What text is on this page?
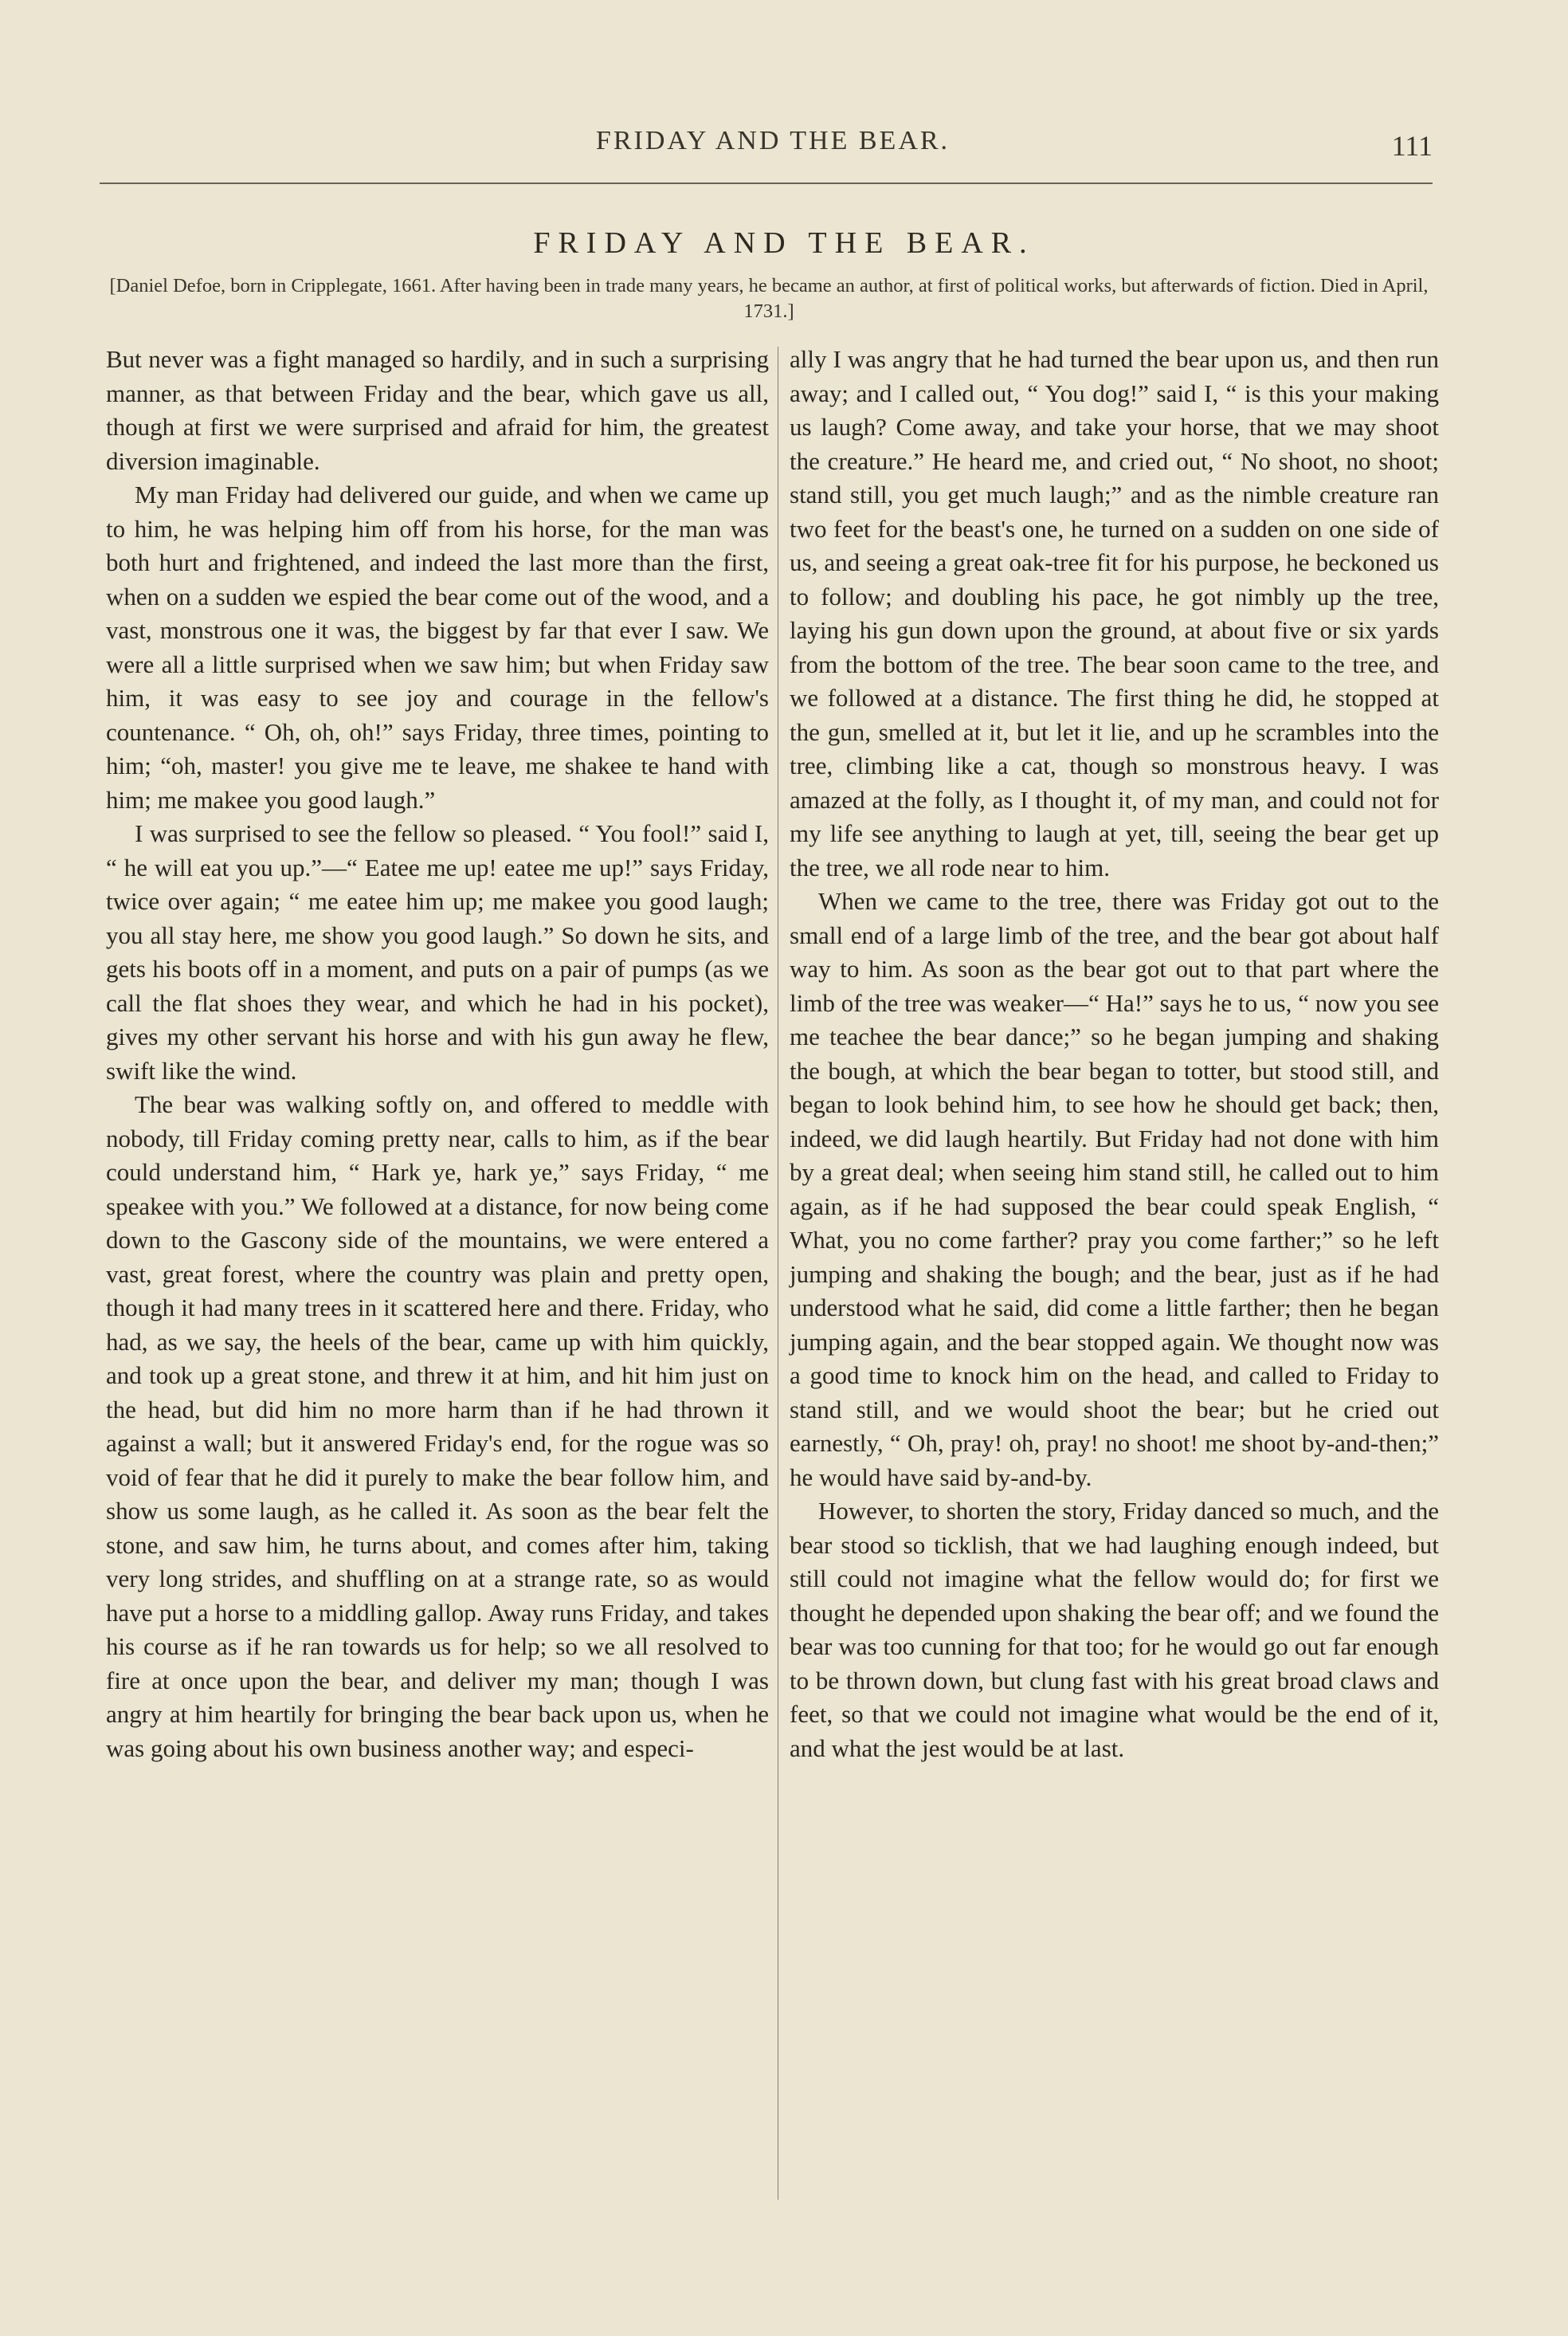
FRIDAY AND THE BEAR.	111
FRIDAY AND THE BEAR.
[Daniel Defoe, born in Cripplegate, 1661. After having been in trade many years, he became an author, at first of political works, but afterwards of fiction. Died in April, 1731.]

But never was a fight managed so hardily, and in such a surprising manner, as that between Friday and the bear, which gave us all, though at first we were surprised and afraid for him, the greatest diversion imaginable.

My man Friday had delivered our guide, and when we came up to him, he was helping him off from his horse, for the man was both hurt and frightened, and indeed the last more than the first, when on a sudden we espied the bear come out of the wood, and a vast, monstrous one it was, the biggest by far that ever I saw. We were all a little surprised when we saw him; but when Friday saw him, it was easy to see joy and courage in the fellow's countenance. “ Oh, oh, oh!” says Friday, three times, pointing to him; “oh, master! you give me te leave, me shakee te hand with him; me makee you good laugh.”

I was surprised to see the fellow so pleased. “ You fool!” said I, “ he will eat you up.”—“ Eatee me up! eatee me up!” says Friday, twice over again; “ me eatee him up; me makee you good laugh; you all stay here, me show you good laugh.” So down he sits, and gets his boots off in a moment, and puts on a pair of pumps (as we call the flat shoes they wear, and which he had in his pocket), gives my other servant his horse and with his gun away he flew, swift like the wind.

The bear was walking softly on, and offered to meddle with nobody, till Friday coming pretty near, calls to him, as if the bear could understand him, “ Hark ye, hark ye,” says Friday, “ me speakee with you.” We followed at a distance, for now being come down to the Gascony side of the mountains, we were entered a vast, great forest, where the country was plain and pretty open, though it had many trees in it scattered here and there. Friday, who had, as we say, the heels of the bear, came up with him quickly, and took up a great stone, and threw it at him, and hit him just on the head, but did him no more harm than if he had thrown it against a wall; but it answered Friday's end, for the rogue was so void of fear that he did it purely to make the bear follow him, and show us some laugh, as he called it. As soon as the bear felt the stone, and saw him, he turns about, and comes after him, taking very long strides, and shuffling on at a strange rate, so as would have put a horse to a middling gallop. Away runs Friday, and takes his course as if he ran towards us for help; so we all resolved to fire at once upon the bear, and deliver my man; though I was angry at him heartily for bringing the bear back upon us, when he was going about his own business another way; and especi-

ally I was angry that he had turned the bear upon us, and then run away; and I called out, “ You dog!” said I, “ is this your making us laugh? Come away, and take your horse, that we may shoot the creature.” He heard me, and cried out, “ No shoot, no shoot; stand still, you get much laugh;” and as the nimble creature ran two feet for the beast's one, he turned on a sudden on one side of us, and seeing a great oak-tree fit for his purpose, he beckoned us to follow; and doubling his pace, he got nimbly up the tree, laying his gun down upon the ground, at about five or six yards from the bottom of the tree. The bear soon came to the tree, and we followed at a distance. The first thing he did, he stopped at the gun, smelled at it, but let it lie, and up he scrambles into the tree, climbing like a cat, though so monstrous heavy. I was amazed at the folly, as I thought it, of my man, and could not for my life see anything to laugh at yet, till, seeing the bear get up the tree, we all rode near to him.

When we came to the tree, there was Friday got out to the small end of a large limb of the tree, and the bear got about half way to him. As soon as the bear got out to that part where the limb of the tree was weaker—“ Ha!” says he to us, “ now you see me teachee the bear dance;” so he began jumping and shaking the bough, at which the bear began to totter, but stood still, and began to look behind him, to see how he should get back; then, indeed, we did laugh heartily. But Friday had not done with him by a great deal; when seeing him stand still, he called out to him again, as if he had supposed the bear could speak English, “ What, you no come farther? pray you come farther;” so he left jumping and shaking the bough; and the bear, just as if he had understood what he said, did come a little farther; then he began jumping again, and the bear stopped again. We thought now was a good time to knock him on the head, and called to Friday to stand still, and we would shoot the bear; but he cried out earnestly, “ Oh, pray! oh, pray! no shoot! me shoot by-and-then;” he would have said by-and-by.

However, to shorten the story, Friday danced so much, and the bear stood so ticklish, that we had laughing enough indeed, but still could not imagine what the fellow would do; for first we thought he depended upon shaking the bear off; and we found the bear was too cunning for that too; for he would go out far enough to be thrown down, but clung fast with his great broad claws and feet, so that we could not imagine what would be the end of it, and what the jest would be at last.
